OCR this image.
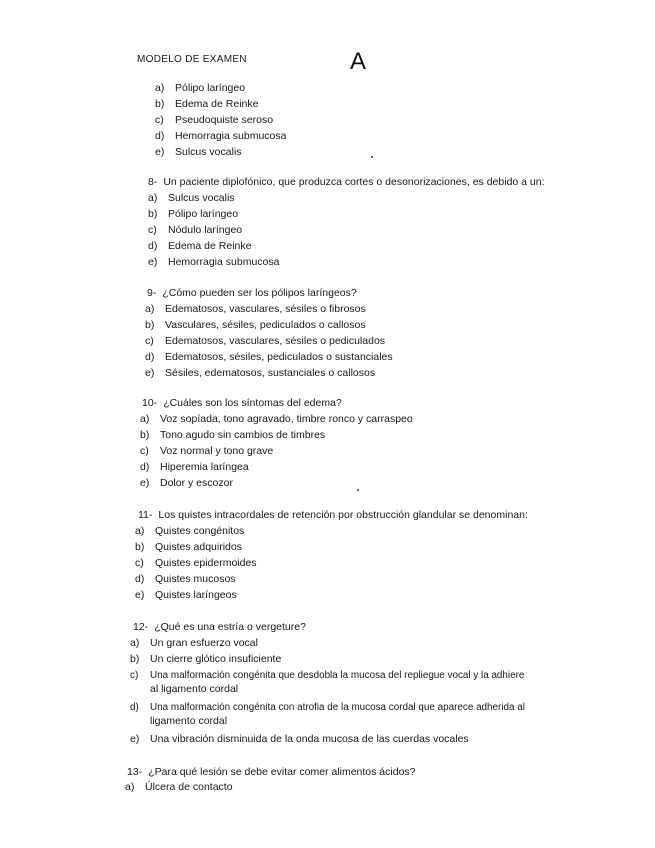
MODELO DE EXAMEN	A
a) Pólipo laríngeo
b) Edema de Reinke
c) Pseudoquiste seroso
d) Hemorragia submucosa
e) Sulcus vocalis
8- Un paciente diplofónico, que produzca cortes o desonorizaciones, es debido a un:
a) Sulcus vocalis
b) Pólipo laríngeo
c) Nódulo laríngeo
d) Edema de Reinke
e) Hemorragia submucosa
9- ¿Cómo pueden ser los pólipos laríngeos?
a) Edematosos, vasculares, sésiles o fibrosos
b) Vasculares, sésiles, pediculados o callosos
c) Edematosos, vasculares, sésiles o pediculados
d) Edematosos, sésiles, pediculados o sustanciales
e) Sésiles, edematosos, sustanciales o callosos
10- ¿Cuáles son los síntomas del edema?
a) Voz sopíada, tono agravado, timbre ronco y carraspeo
b) Tono agudo sin cambios de timbres
c) Voz normal y tono grave
d) Hiperemia laríngea
e) Dolor y escozor
11- Los quistes intracordales de retención por obstrucción glandular se denominan:
a) Quistes congénitos
b) Quistes adquiridos
c) Quistes epidermoides
d) Quistes mucosos
e) Quistes laríngeos
12- ¿Qué es una estría o vergeture?
a) Un gran esfuerzo vocal
b) Un cierre glótico insuficiente
c) Una malformación congénita que desdobla la mucosa del repliegue vocal y la adhiere
al ligamento cordal
d) Una malformación congénita con atrofia de la mucosa cordal que aparece adherida al
ligamento cordal
e) Una vibración disminuida de la onda mucosa de las cuerdas vocales
13- ¿Para qué lesión se debe evitar comer alimentos ácidos?
a) Úlcera de contacto
